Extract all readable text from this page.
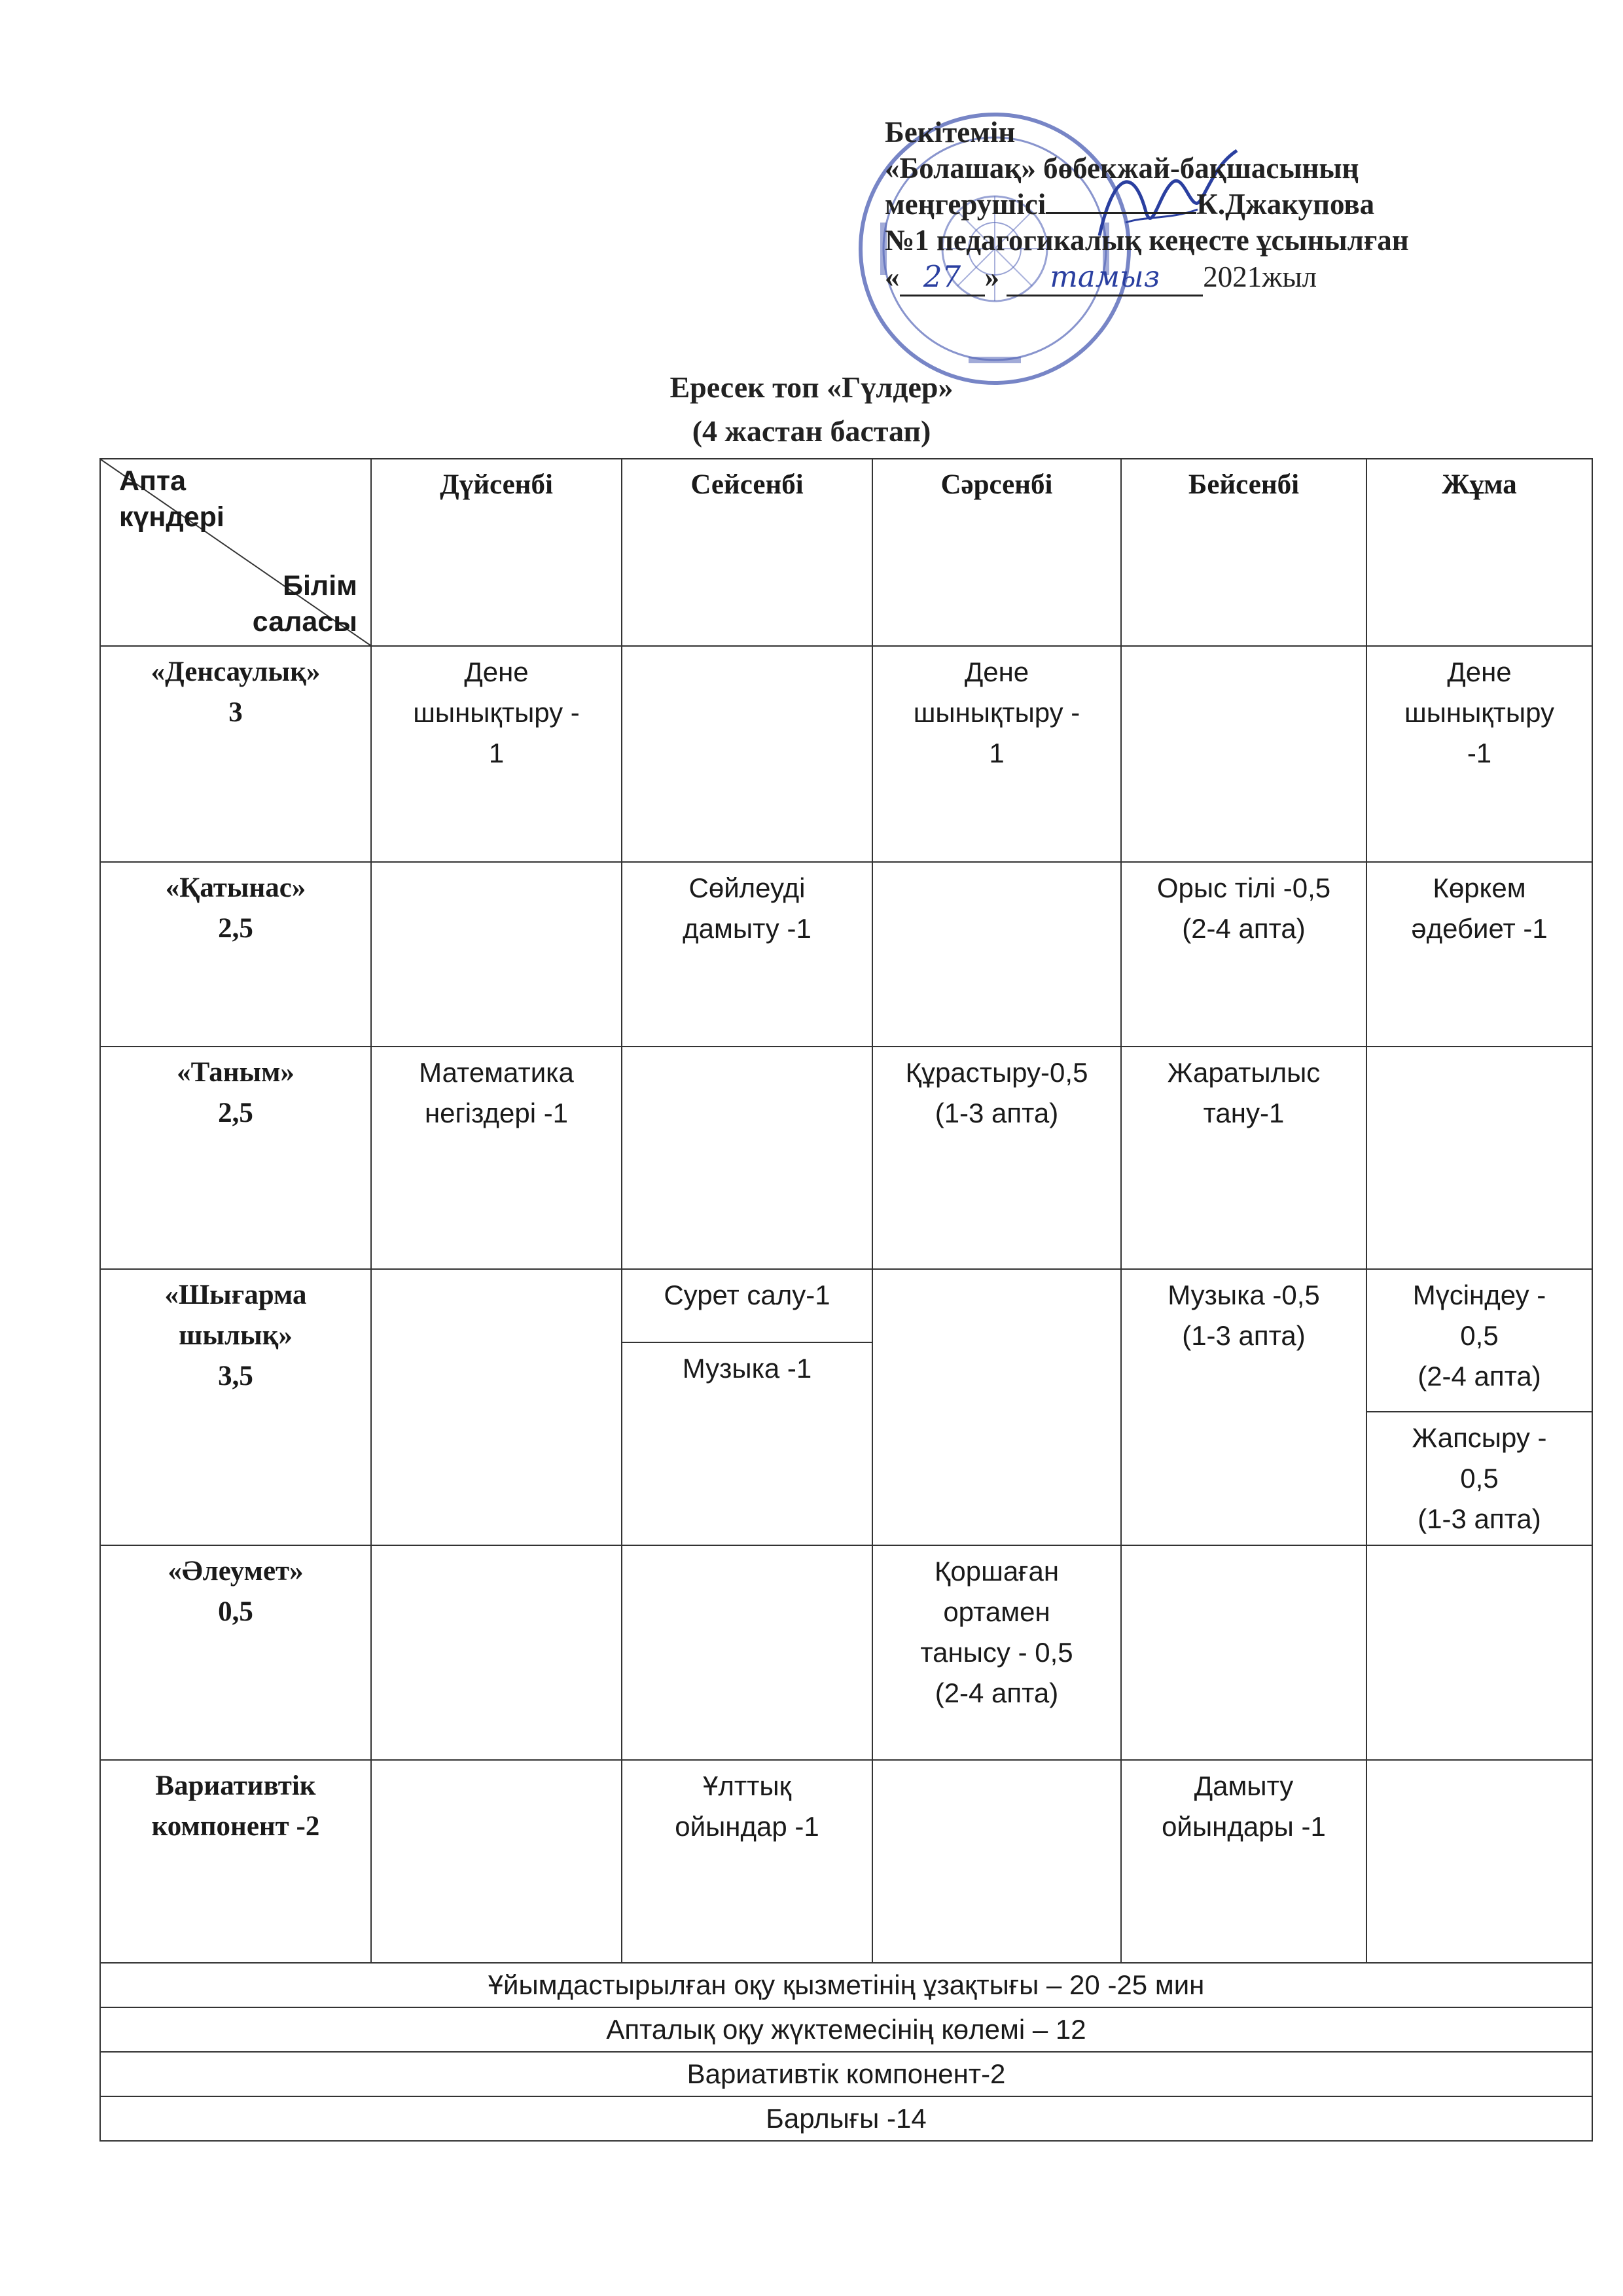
Бекітемін
«Болашақ» бөбекжай-бақшасының
меңгерушісі	К.Джакупова
№1 педагогикалық кеңесте ұсынылған
« 27 » тамыз 2021жыл
Ересек топ «Гүлдер»
(4 жастан бастап)
Апта
күндері
Білім
саласы	Дүйсенбі	Сейсенбі	Сәрсенбі	Бейсенбі	Жұма
«Денсаулық»
3	Дене
шынықтыру -
1		Дене
шынықтыру -
1		Дене
шынықтыру
-1
«Қатынас»
2,5		Сөйлеуді
дамыту -1		Орыс тілі -0,5
(2-4 апта)	Көркем
әдебиет -1
«Таным»
2,5	Математика
негіздері -1		Құрастыру-0,5
(1-3 апта)	Жаратылыс
тану-1	
«Шығарма
шылық»
3,5		Сурет салу-1		Музыка -0,5
(1-3 апта)	Мүсіндеу -
0,5
(2-4 апта)
		Музыка -1			
					Жапсыру -
0,5
(1-3 апта)
«Әлеумет»
0,5			Қоршаған
ортамен
танысу - 0,5
(2-4 апта)		
Вариативтік
компонент -2		Ұлттық
ойындар -1		Дамыту
ойындары -1	
Ұйымдастырылған оқу қызметінің ұзақтығы – 20 -25 мин					
Апталық оқу жүктемесінің көлемі – 12					
Вариативтік компонент-2					
Барлығы -14					
